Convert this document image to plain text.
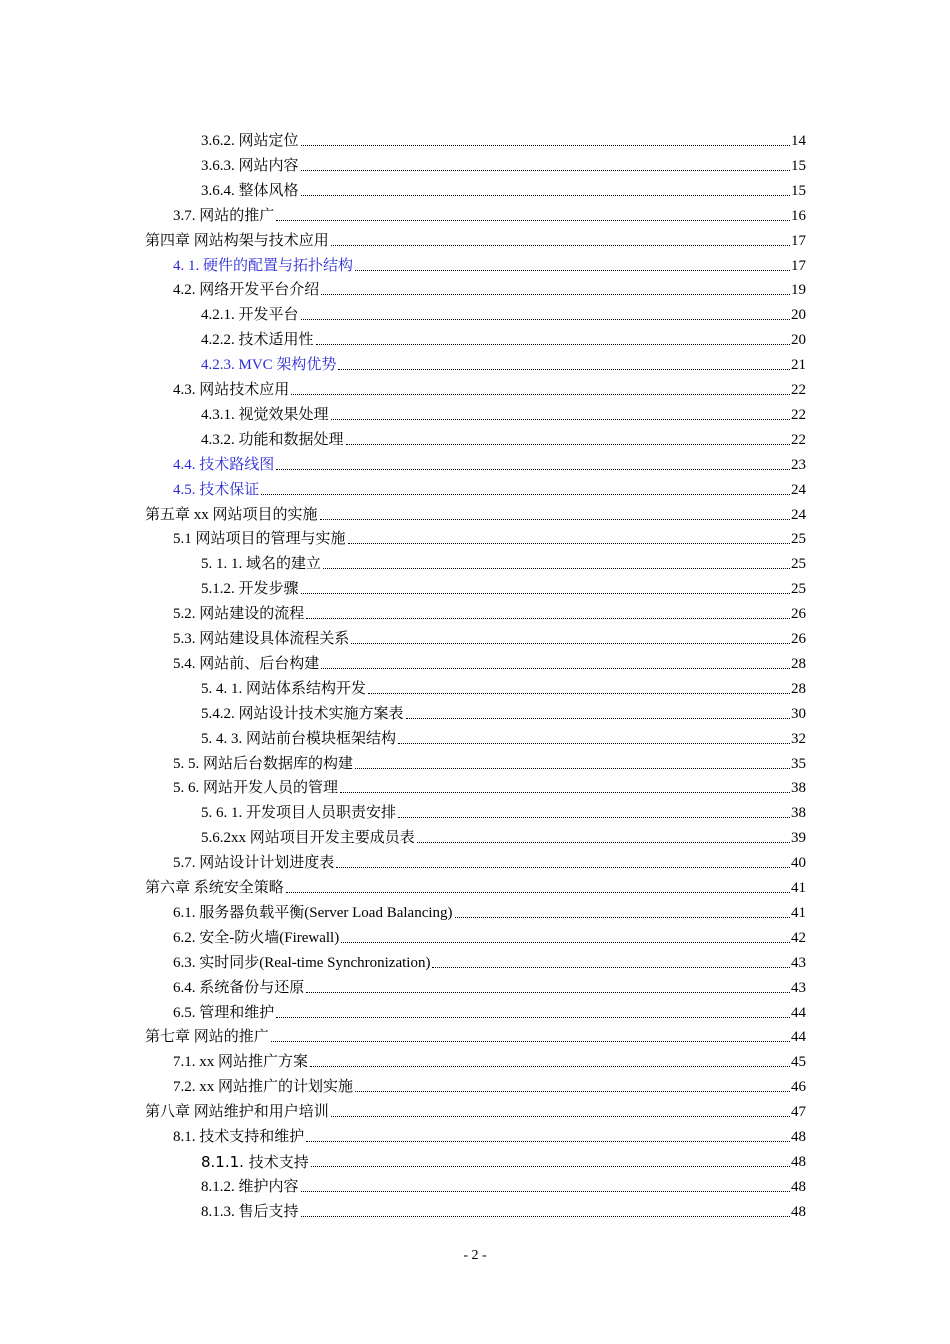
3.6.2. 网站定位	14
3.6.3. 网站内容	15
3.6.4. 整体风格	15
3.7. 网站的推广	16
第四章 网站构架与技术应用	17
4. 1. 硬件的配置与拓扑结构	17
4.2. 网络开发平台介绍	19
4.2.1. 开发平台	20
4.2.2. 技术适用性	20
4.2.3. MVC 架构优势	21
4.3. 网站技术应用	22
4.3.1. 视觉效果处理	22
4.3.2. 功能和数据处理	22
4.4. 技术路线图	23
4.5. 技术保证	24
第五章 xx 网站项目的实施	24
5.1 网站项目的管理与实施	25
5. 1. 1. 域名的建立	25
5.1.2. 开发步骤	25
5.2. 网站建设的流程	26
5.3. 网站建设具体流程关系	26
5.4. 网站前、后台构建	28
5. 4. 1. 网站体系结构开发	28
5.4.2. 网站设计技术实施方案表	30
5. 4. 3. 网站前台模块框架结构	32
5. 5. 网站后台数据库的构建	35
5. 6. 网站开发人员的管理	38
5. 6. 1. 开发项目人员职责安排	38
5.6.2xx 网站项目开发主要成员表	39
5.7. 网站设计计划进度表	40
第六章 系统安全策略	41
6.1. 服务器负载平衡(Server Load Balancing)	41
6.2. 安全-防火墙(Firewall)	42
6.3. 实时同步(Real-time Synchronization)	43
6.4. 系统备份与还原	43
6.5. 管理和维护	44
第七章 网站的推广	44
7.1. xx 网站推广方案	45
7.2. xx 网站推广的计划实施	46
第八章 网站维护和用户培训	47
8.1. 技术支持和维护	48
8.1.1. 技术支持	48
8.1.2. 维护内容	48
8.1.3. 售后支持	48
- 2 -
